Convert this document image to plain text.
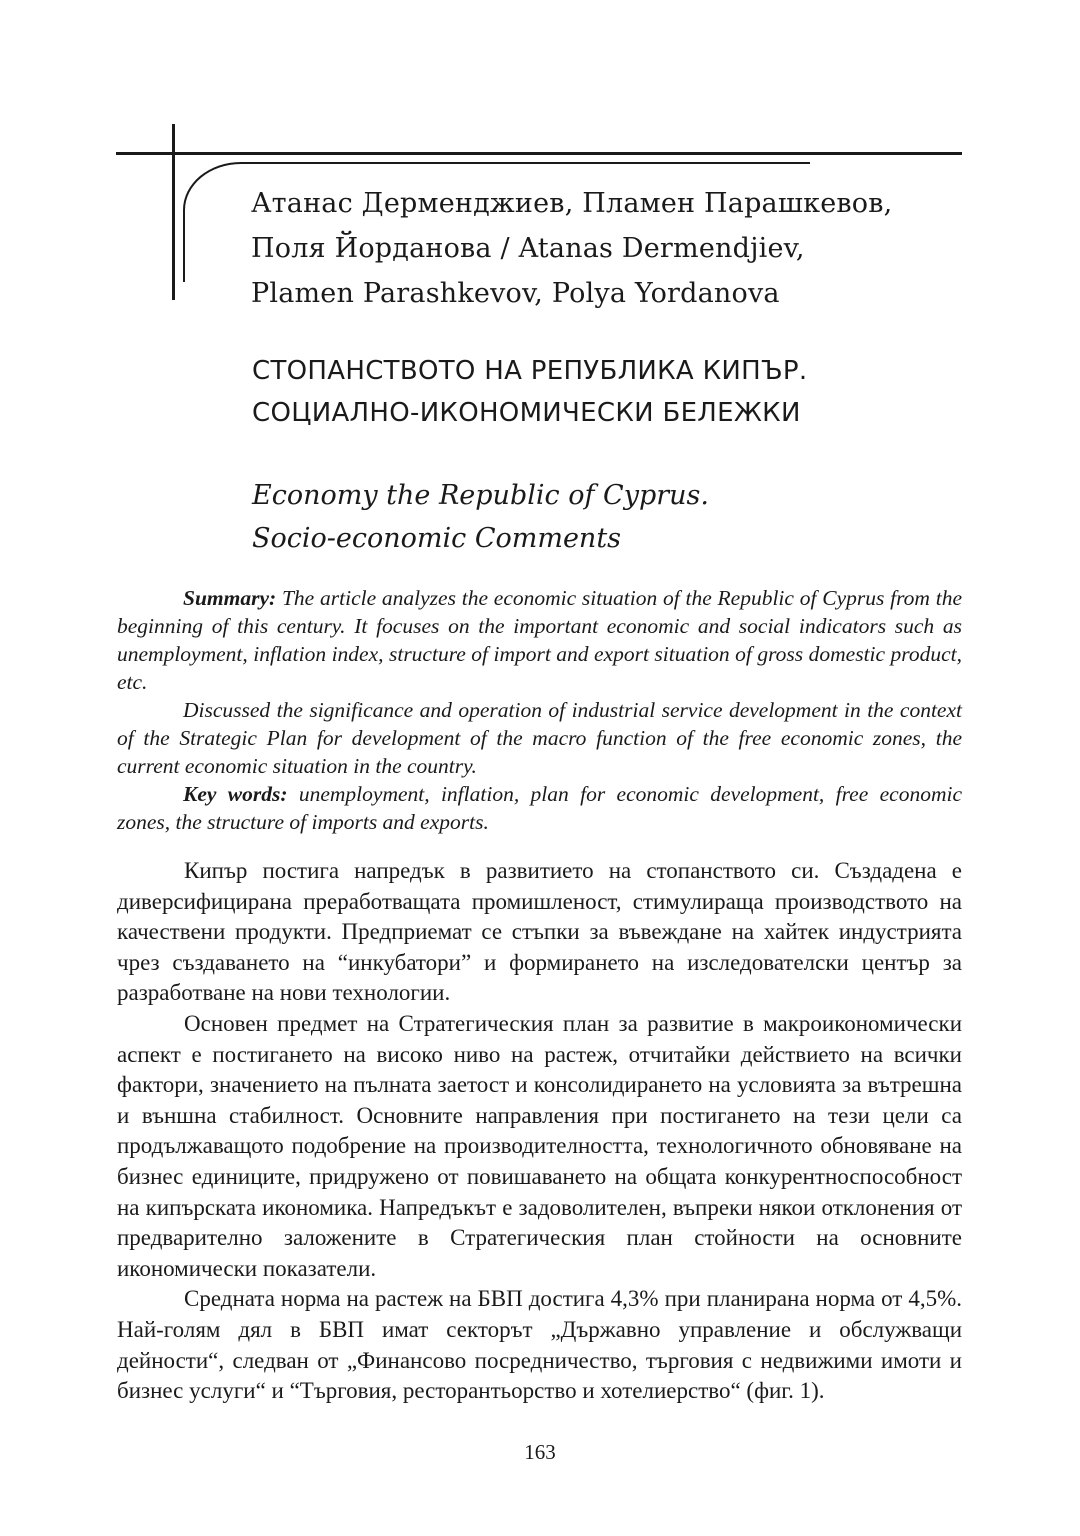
Атанас Дерменджиев, Пламен Парашкевов,
Поля Йорданова / Atanas Dermendjiev,
Plamen Parashkevov, Polya Yordanova
СТОПАНСТВОТО НА РЕПУБЛИКА КИПЪР.
СОЦИАЛНО-ИКОНОМИЧЕСКИ БЕЛЕЖКИ
Economy the Republic of Cyprus.
Socio-economic Comments

Summary: The article analyzes the economic situation of the Republic of Cyprus from the beginning of this century. It focuses on the important economic and social indicators such as unemployment, inflation index, structure of import and export situation of gross domestic product, etc.

Discussed the significance and operation of industrial service development in the context of the Strategic Plan for development of the macro function of the free economic zones, the current economic situation in the country.

Key words: unemployment, inflation, plan for economic development, free economic zones, the structure of imports and exports.

Кипър постига напредък в развитието на стопанството си. Създадена е диверсифицирана преработващата промишленост, стимулираща производството на качествени продукти. Предприемат се стъпки за въвеждане на хайтек индустрията чрез създаването на “инкубатори” и формирането на изследователски център за разработване на нови технологии.

Основен предмет на Стратегическия план за развитие в макроикономически аспект е постигането на високо ниво на растеж, отчитайки действието на всички фактори, значението на пълната заетост и консолидирането на условията за вътрешна и външна стабилност. Основните направления при постигането на тези цели са продължаващото подобрение на производителността, технологичното обновяване на бизнес единиците, придружено от повишаването на общата конкурентноспособност на кипърската икономика. Напредъкът е задоволителен, въпреки някои отклонения от предварително заложените в Стратегическия план стойности на основните икономически показатели.

Средната норма на растеж на БВП достига 4,3% при планирана норма от 4,5%. Най-голям дял в БВП имат секторът „Държавно управление и обслужващи дейности“, следван от „Финансово посредничество, търговия с недвижими имоти и бизнес услуги“ и “Търговия, ресторантьорство и хотелиерство“ (фиг. 1).

163
